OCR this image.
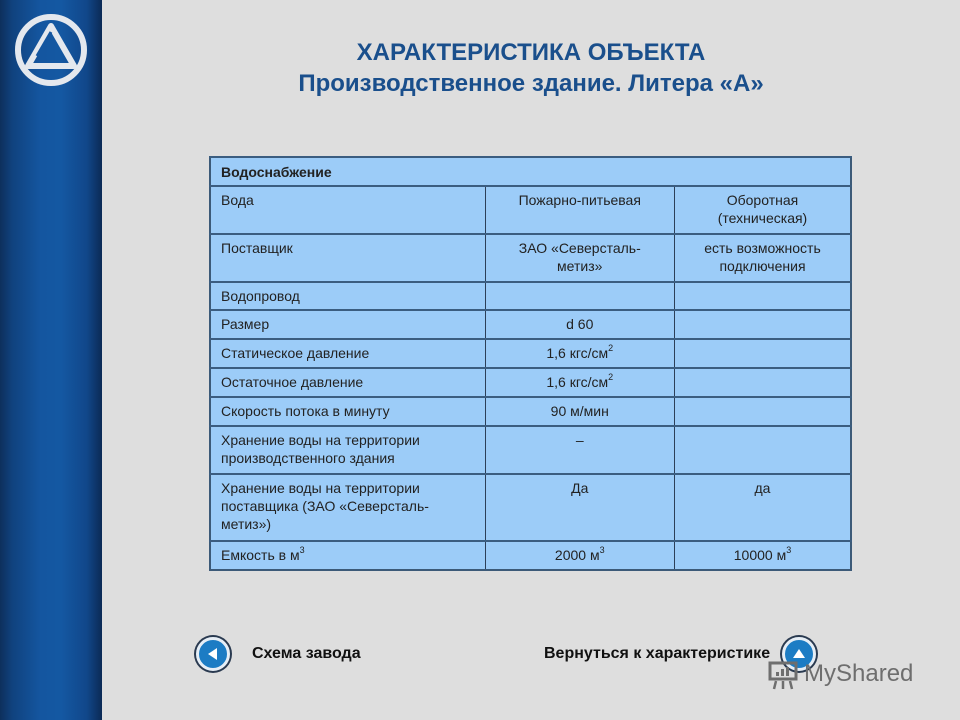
ХАРАКТЕРИСТИКА ОБЪЕКТА
Производственное здание. Литера «А»
Водоснабжение		
Вода	Пожарно-питьевая	Оборотная (техническая)
Поставщик	ЗАО «Северсталь-метиз»	есть возможность подключения
Водопровод		
Размер	d 60	
Статическое давление	1,6 кгс/$см^2$	
Остаточное давление	1,6 кгс/$см^2$	
Скорость потока в минуту	90 м/мин	
Хранение воды на территории производственного здания	–	
Хранение воды на территории поставщика (ЗАО «Северсталь-метиз»)	Да	да
Емкость в $м^3$	2000 $м^3$	10000 $м^3$
Схема завода	Вернуться к характеристике
MyShared
